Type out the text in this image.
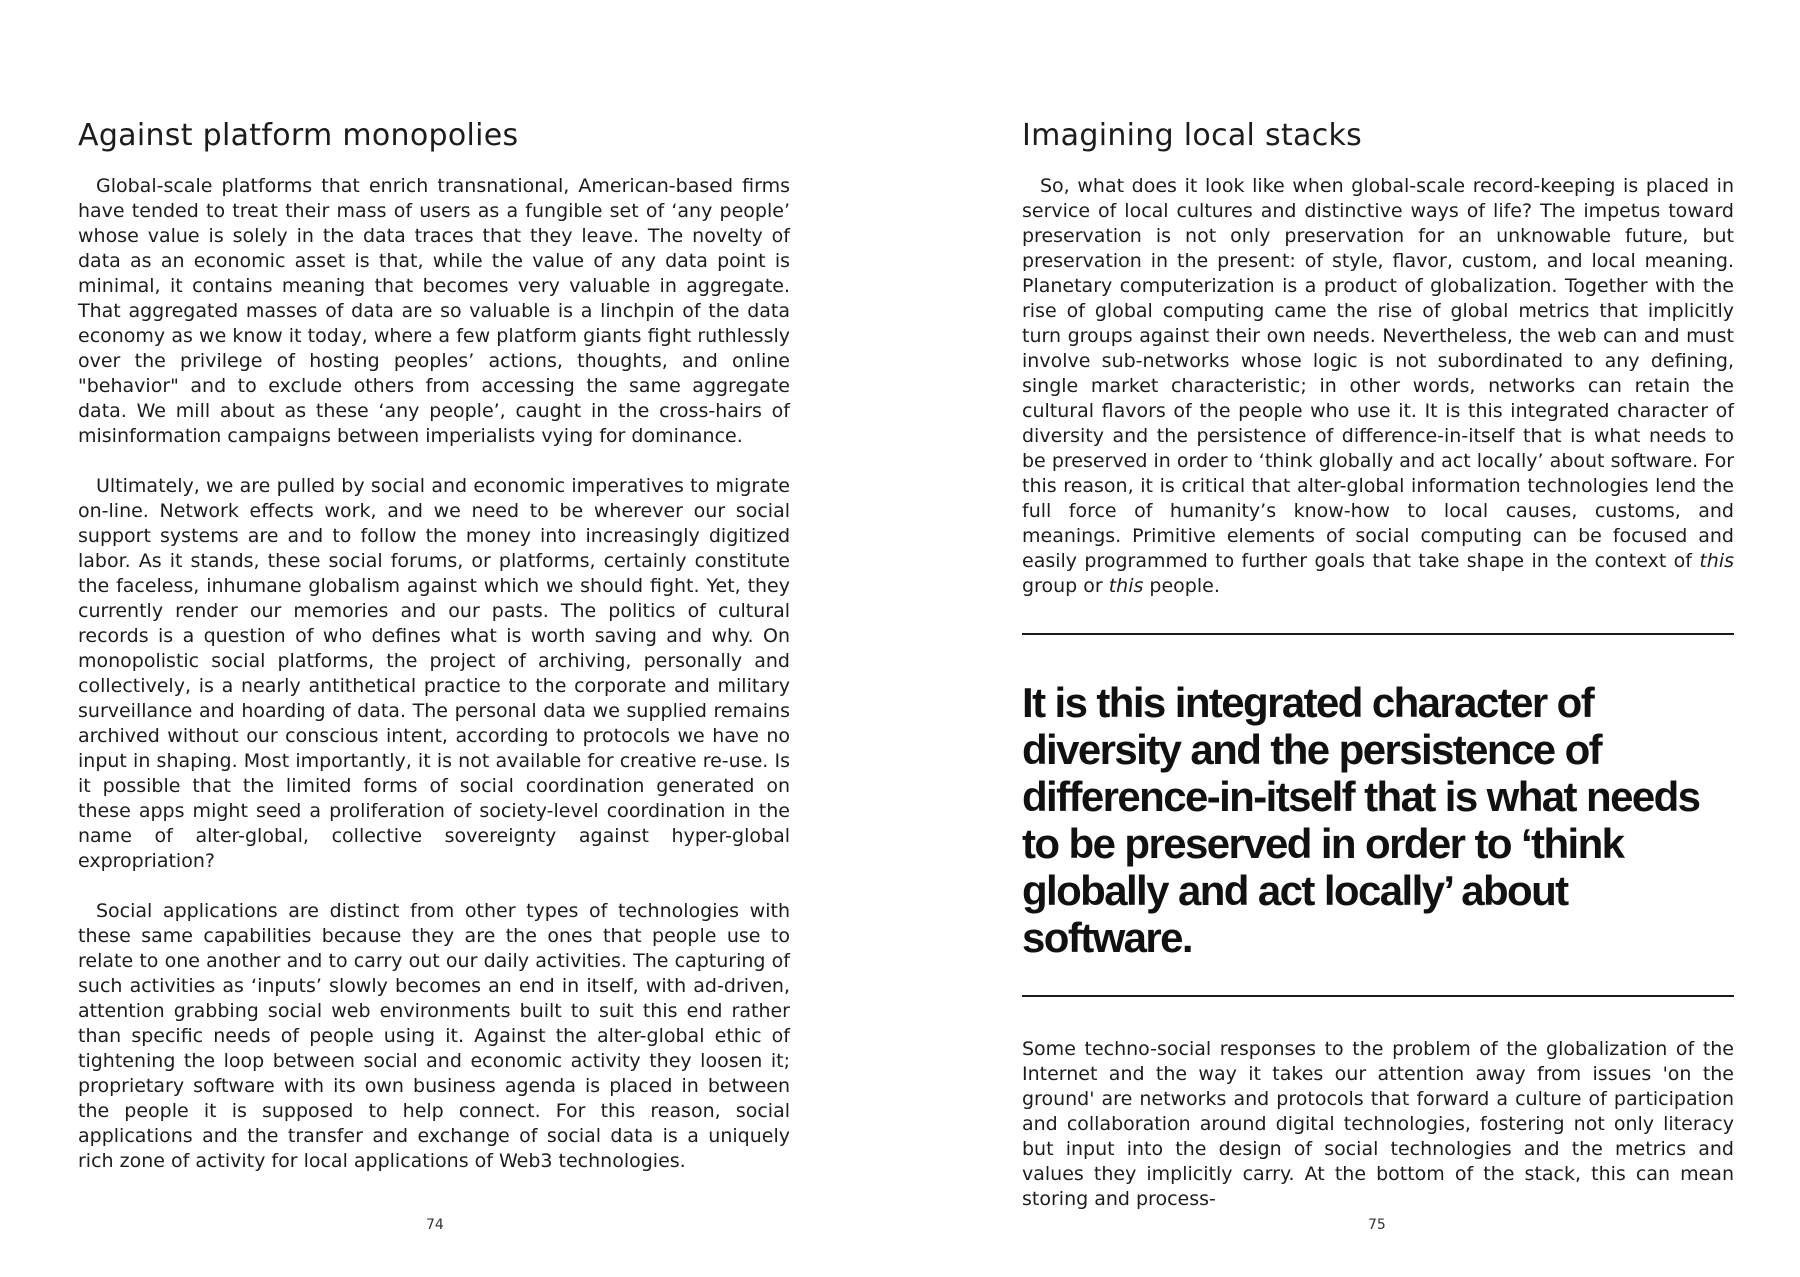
Against platform monopolies

Global-scale platforms that enrich transnational, American-based firms have tended to treat their mass of users as a fungible set of ‘any people’ whose value is solely in the data traces that they leave. The novelty of data as an economic asset is that, while the value of any data point is minimal, it contains meaning that becomes very valuable in aggregate. That aggregated masses of data are so valuable is a linchpin of the data economy as we know it today, where a few platform giants fight ruthlessly over the privilege of hosting peoples’ actions, thoughts, and online "behavior" and to exclude others from accessing the same aggregate data. We mill about as these ‘any people’, caught in the cross-hairs of misinformation campaigns between imperialists vying for dominance.

Ultimately, we are pulled by social and economic imperatives to migrate on-line. Network effects work, and we need to be wherever our social support systems are and to follow the money into increasingly digitized labor. As it stands, these social forums, or platforms, certainly constitute the faceless, inhumane globalism against which we should fight. Yet, they currently render our memories and our pasts. The politics of cultural records is a question of who defines what is worth saving and why. On monopolistic social platforms, the project of archiving, personally and collectively, is a nearly antithetical practice to the corporate and military surveillance and hoarding of data. The personal data we supplied remains archived without our conscious intent, according to protocols we have no input in shaping. Most importantly, it is not available for creative re-use. Is it possible that the limited forms of social coordination generated on these apps might seed a proliferation of society-level coordination in the name of alter-global, collective sovereignty against hyper-global expropriation?

Social applications are distinct from other types of technologies with these same capabilities because they are the ones that people use to relate to one another and to carry out our daily activities. The capturing of such activities as ‘inputs’ slowly becomes an end in itself, with ad-driven, attention grabbing social web environments built to suit this end rather than specific needs of people using it. Against the alter-global ethic of tightening the loop between social and economic activity they loosen it; proprietary software with its own business agenda is placed in between the people it is supposed to help connect. For this reason, social applications and the transfer and exchange of social data is a uniquely rich zone of activity for local applications of Web3 technologies.

74
Imagining local stacks

So, what does it look like when global-scale record-keeping is placed in service of local cultures and distinctive ways of life? The impetus toward preservation is not only preservation for an unknowable future, but preservation in the present: of style, flavor, custom, and local meaning. Planetary computerization is a product of globalization. Together with the rise of global computing came the rise of global metrics that implicitly turn groups against their own needs. Nevertheless, the web can and must involve sub-networks whose logic is not subordinated to any defining, single market characteristic; in other words, networks can retain the cultural flavors of the people who use it. It is this integrated character of diversity and the persistence of difference-in-itself that is what needs to be preserved in order to ‘think globally and act locally’ about software. For this reason, it is critical that alter-global information technologies lend the full force of humanity’s know-how to local causes, customs, and meanings. Primitive elements of social computing can be focused and easily programmed to further goals that take shape in the context of this group or this people.

It is this integrated character of diversity and the persistence of difference-in-itself that is what needs to be preserved in order to ‘think globally and act locally’ about software.

Some techno-social responses to the problem of the globalization of the Internet and the way it takes our attention away from issues 'on the ground' are networks and protocols that forward a culture of participation and collaboration around digital technologies, fostering not only literacy but input into the design of social technologies and the metrics and values they implicitly carry. At the bottom of the stack, this can mean storing and process-

75
